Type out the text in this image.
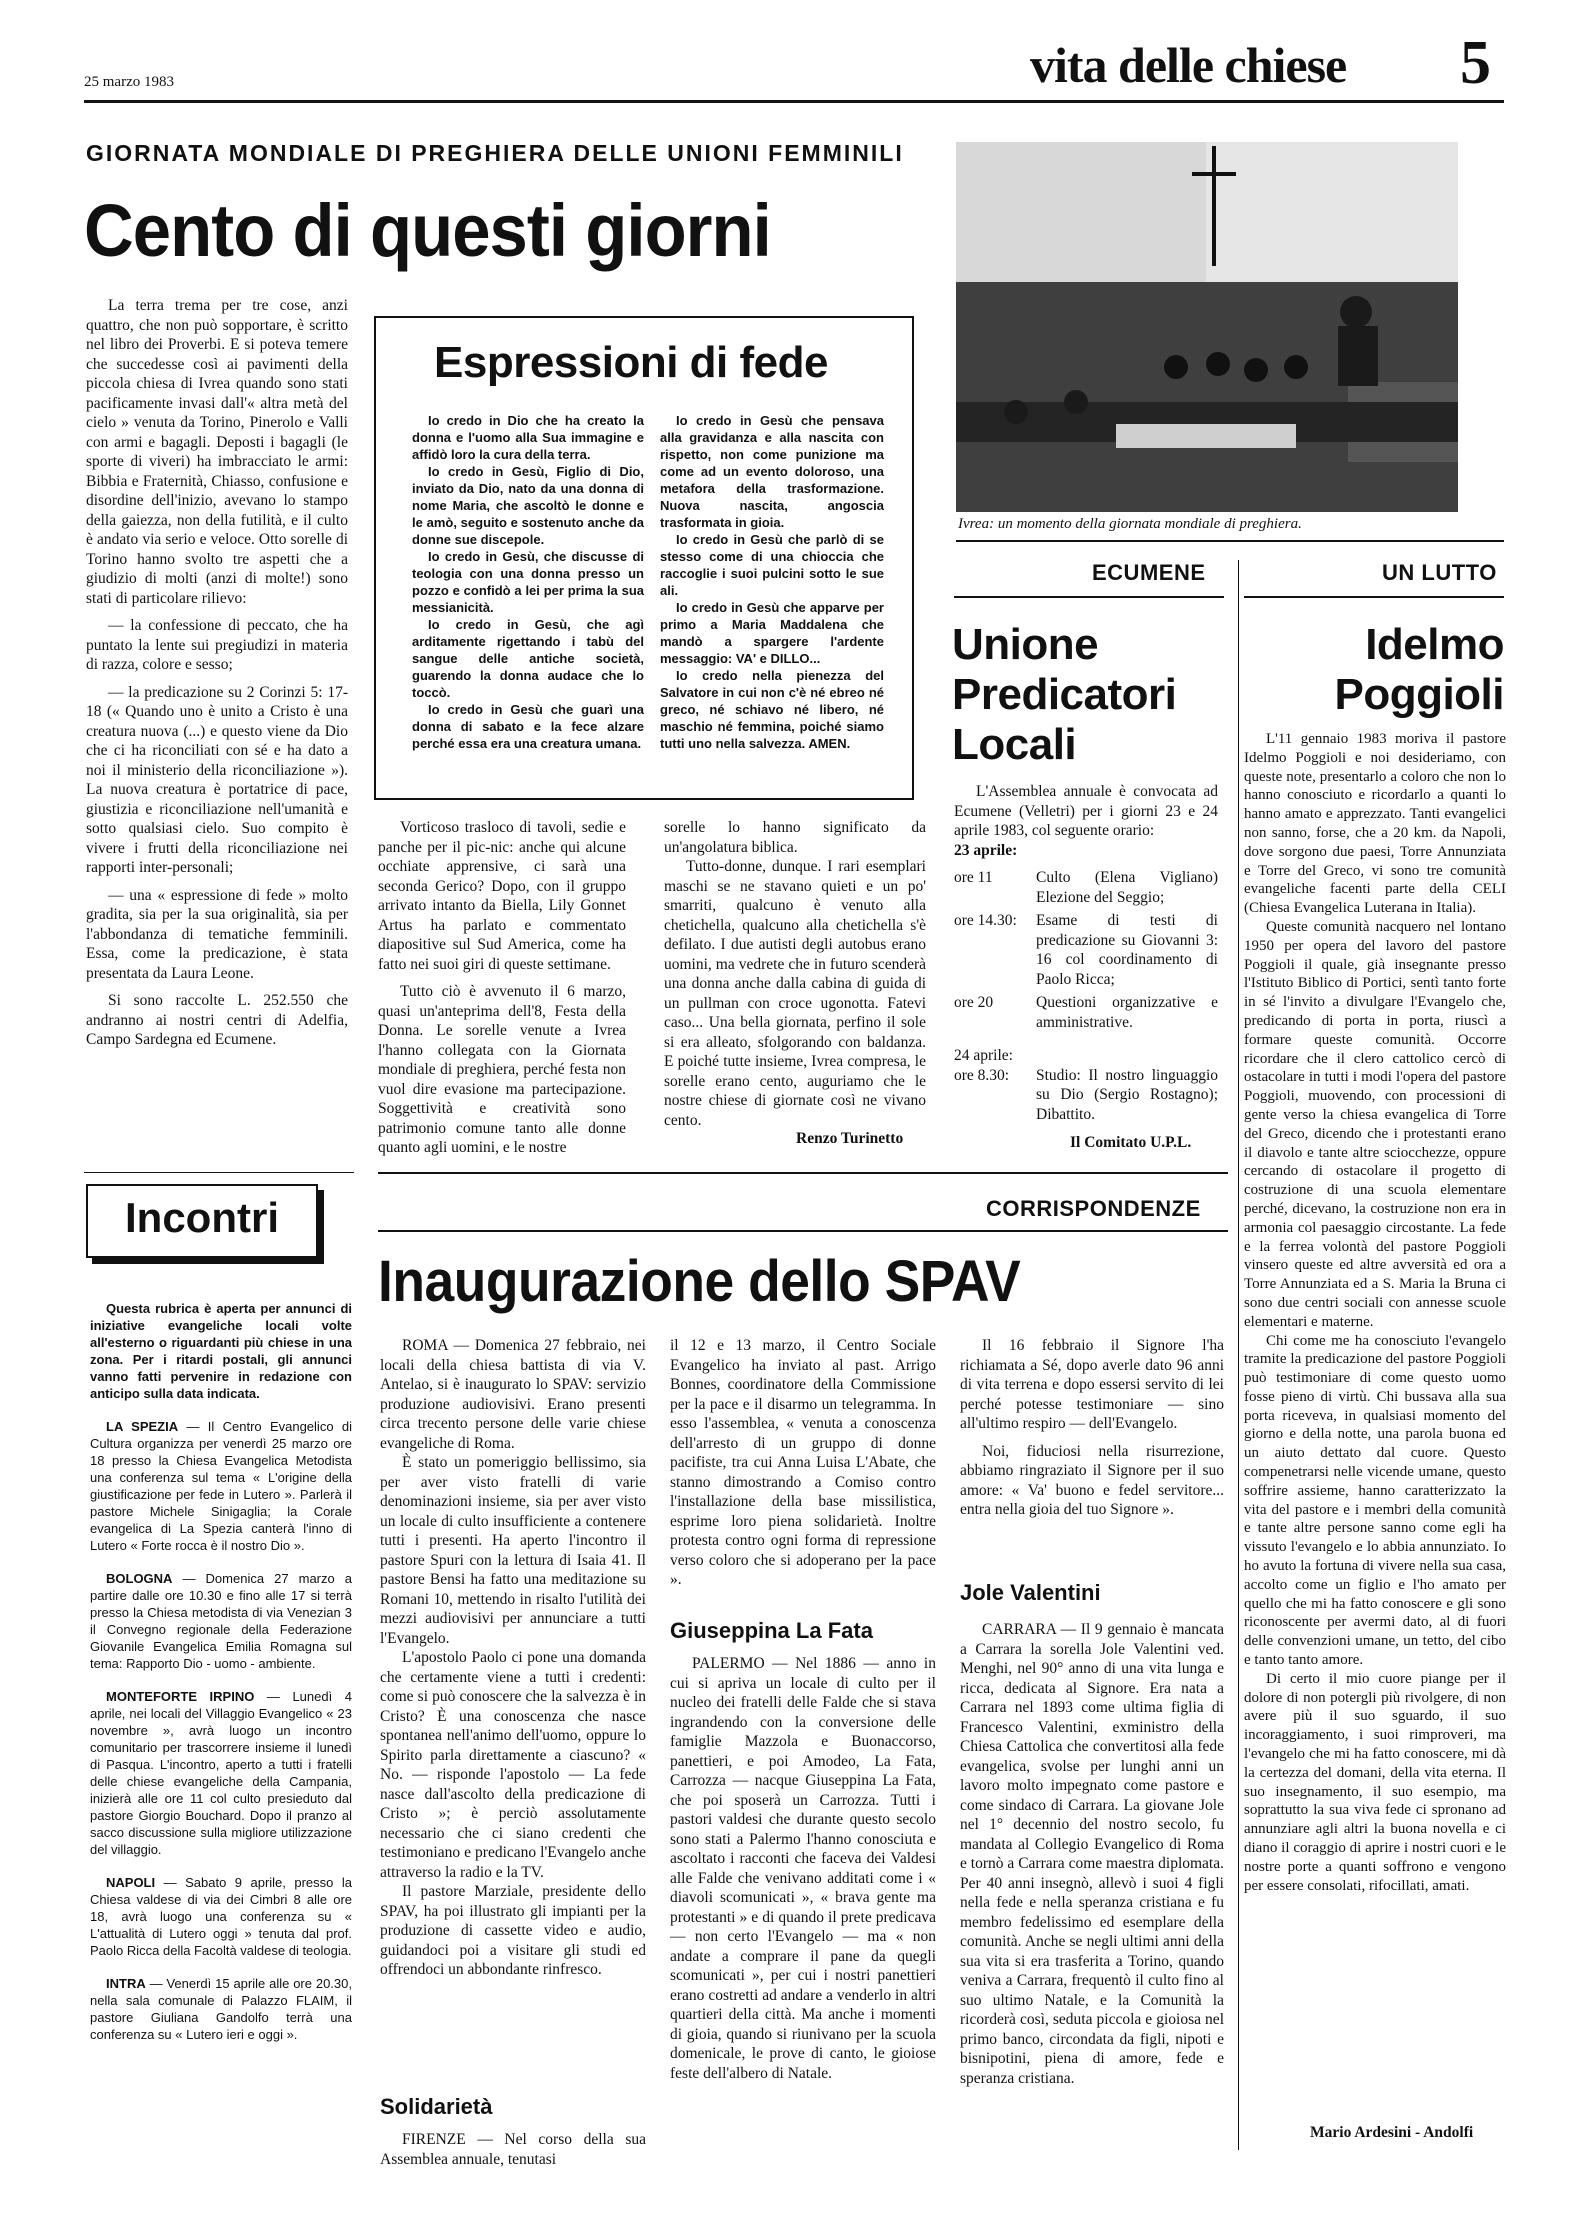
25 marzo 1983	vita delle chiese 5
GIORNATA MONDIALE DI PREGHIERA DELLE UNIONI FEMMINILI
Cento di questi giorni

La terra trema per tre cose, anzi quattro, che non può sopportare, è scritto nel libro dei Proverbi. E si poteva temere che succedesse così ai pavimenti della piccola chiesa di Ivrea quando sono stati pacificamente invasi dall'« altra metà del cielo » venuta da Torino, Pinerolo e Valli con armi e bagagli. Deposti i bagagli (le sporte di viveri) ha imbracciato le armi: Bibbia e Fraternità, Chiasso, confusione e disordine dell'inizio, avevano lo stampo della gaiezza, non della futilità, e il culto è andato via serio e veloce. Otto sorelle di Torino hanno svolto tre aspetti che a giudizio di molti (anzi di molte!) sono stati di particolare rilievo:

— la confessione di peccato, che ha puntato la lente sui pregiudizi in materia di razza, colore e sesso;

— la predicazione su 2 Corinzi 5: 17-18 (« Quando uno è unito a Cristo è una creatura nuova (...) e questo viene da Dio che ci ha riconciliati con sé e ha dato a noi il ministerio della riconciliazione »). La nuova creatura è portatrice di pace, giustizia e riconciliazione nell'umanità e sotto qualsiasi cielo. Suo compito è vivere i frutti della riconciliazione nei rapporti inter-personali;

— una « espressione di fede » molto gradita, sia per la sua originalità, sia per l'abbondanza di tematiche femminili. Essa, come la predicazione, è stata presentata da Laura Leone.

Si sono raccolte L. 252.550 che andranno ai nostri centri di Adelfia, Campo Sardegna ed Ecumene.

Espressioni di fede

Io credo in Dio che ha creato la donna e l'uomo alla Sua immagine e affidò loro la cura della terra.

Io credo in Gesù, Figlio di Dio, inviato da Dio, nato da una donna di nome Maria, che ascoltò le donne e le amò, seguito e sostenuto anche da donne sue discepole.

Io credo in Gesù, che discusse di teologia con una donna presso un pozzo e confidò a lei per prima la sua messianicità.

Io credo in Gesù, che agì arditamente rigettando i tabù del sangue delle antiche società, guarendo la donna audace che lo toccò.

Io credo in Gesù che guarì una donna di sabato e la fece alzare perché essa era una creatura umana.

Io credo in Gesù che pensava alla gravidanza e alla nascita con rispetto, non come punizione ma come ad un evento doloroso, una metafora della trasformazione. Nuova nascita, angoscia trasformata in gioia.

Io credo in Gesù che parlò di se stesso come di una chioccia che raccoglie i suoi pulcini sotto le sue ali.

Io credo in Gesù che apparve per primo a Maria Maddalena che mandò a spargere l'ardente messaggio: VA' e DILLO...

Io credo nella pienezza del Salvatore in cui non c'è né ebreo né greco, né schiavo né libero, né maschio né femmina, poiché siamo tutti uno nella salvezza. AMEN.

Vorticoso trasloco di tavoli, sedie e panche per il pic-nic: anche qui alcune occhiate apprensive, ci sarà una seconda Gerico? Dopo, con il gruppo arrivato intanto da Biella, Lily Gonnet Artus ha parlato e commentato diapositive sul Sud America, come ha fatto nei suoi giri di queste settimane.

Tutto ciò è avvenuto il 6 marzo, quasi un'anteprima dell'8, Festa della Donna. Le sorelle venute a Ivrea l'hanno collegata con la Giornata mondiale di preghiera, perché festa non vuol dire evasione ma partecipazione. Soggettività e creatività sono patrimonio comune tanto alle donne quanto agli uomini, e le nostre

sorelle lo hanno significato da un'angolatura biblica.

Tutto-donne, dunque. I rari esemplari maschi se ne stavano quieti e un po' smarriti, qualcuno è venuto alla chetichella, qualcuno alla chetichella s'è defilato. I due autisti degli autobus erano uomini, ma vedrete che in futuro scenderà una donna anche dalla cabina di guida di un pullman con croce ugonotta. Fatevi caso... Una bella giornata, perfino il sole si era alleato, sfolgorando con baldanza. E poiché tutte insieme, Ivrea compresa, le sorelle erano cento, auguriamo che le nostre chiese di giornate così ne vivano cento.

Renzo Turinetto
Ivrea: un momento della giornata mondiale di preghiera.
ECUMENE
Unione
Predicatori
Locali

L'Assemblea annuale è convocata ad Ecumene (Velletri) per i giorni 23 e 24 aprile 1983, col seguente orario:

23 aprile:
ore 11	Culto (Elena Vigliano) Elezione del Seggio;
ore 14.30:	Esame di testi di predicazione su Giovanni 3: 16 col coordinamento di Paolo Ricca;
ore 20	Questioni organizzative e amministrative.
24 aprile:
ore 8.30:	Studio: Il nostro linguaggio su Dio (Sergio Rostagno); Dibattito.
Il Comitato U.P.L.
UN LUTTO
Idelmo
Poggioli

L'11 gennaio 1983 moriva il pastore Idelmo Poggioli e noi desideriamo, con queste note, presentarlo a coloro che non lo hanno conosciuto e ricordarlo a quanti lo hanno amato e apprezzato. Tanti evangelici non sanno, forse, che a 20 km. da Napoli, dove sorgono due paesi, Torre Annunziata e Torre del Greco, vi sono tre comunità evangeliche facenti parte della CELI (Chiesa Evangelica Luterana in Italia).

Queste comunità nacquero nel lontano 1950 per opera del lavoro del pastore Poggioli il quale, già insegnante presso l'Istituto Biblico di Portici, sentì tanto forte in sé l'invito a divulgare l'Evangelo che, predicando di porta in porta, riuscì a formare queste comunità. Occorre ricordare che il clero cattolico cercò di ostacolare in tutti i modi l'opera del pastore Poggioli, muovendo, con processioni di gente verso la chiesa evangelica di Torre del Greco, dicendo che i protestanti erano il diavolo e tante altre sciocchezze, oppure cercando di ostacolare il progetto di costruzione di una scuola elementare perché, dicevano, la costruzione non era in armonia col paesaggio circostante. La fede e la ferrea volontà del pastore Poggioli vinsero queste ed altre avversità ed ora a Torre Annunziata ed a S. Maria la Bruna ci sono due centri sociali con annesse scuole elementari e materne.

Chi come me ha conosciuto l'evangelo tramite la predicazione del pastore Poggioli può testimoniare di come questo uomo fosse pieno di virtù. Chi bussava alla sua porta riceveva, in qualsiasi momento del giorno e della notte, una parola buona ed un aiuto dettato dal cuore. Questo compenetrarsi nelle vicende umane, questo soffrire assieme, hanno caratterizzato la vita del pastore e i membri della comunità e tante altre persone sanno come egli ha vissuto l'evangelo e lo abbia annunziato. Io ho avuto la fortuna di vivere nella sua casa, accolto come un figlio e l'ho amato per quello che mi ha fatto conoscere e gli sono riconoscente per avermi dato, al di fuori delle convenzioni umane, un tetto, del cibo e tanto tanto amore.

Di certo il mio cuore piange per il dolore di non potergli più rivolgere, di non avere più il suo sguardo, il suo incoraggiamento, i suoi rimproveri, ma l'evangelo che mi ha fatto conoscere, mi dà la certezza del domani, della vita eterna. Il suo insegnamento, il suo esempio, ma soprattutto la sua viva fede ci spronano ad annunziare agli altri la buona novella e ci diano il coraggio di aprire i nostri cuori e le nostre porte a quanti soffrono e vengono per essere consolati, rifocillati, amati.

Mario Ardesini - Andolfi
Incontri

Questa rubrica è aperta per annunci di iniziative evangeliche locali volte all'esterno o riguardanti più chiese in una zona. Per i ritardi postali, gli annunci vanno fatti pervenire in redazione con anticipo sulla data indicata.

LA SPEZIA — Il Centro Evangelico di Cultura organizza per venerdì 25 marzo ore 18 presso la Chiesa Evangelica Metodista una conferenza sul tema « L'origine della giustificazione per fede in Lutero ». Parlerà il pastore Michele Sinigaglia; la Corale evangelica di La Spezia canterà l'inno di Lutero « Forte rocca è il nostro Dio ».

BOLOGNA — Domenica 27 marzo a partire dalle ore 10.30 e fino alle 17 si terrà presso la Chiesa metodista di via Venezian 3 il Convegno regionale della Federazione Giovanile Evangelica Emilia Romagna sul tema: Rapporto Dio - uomo - ambiente.

MONTEFORTE IRPINO — Lunedì 4 aprile, nei locali del Villaggio Evangelico « 23 novembre », avrà luogo un incontro comunitario per trascorrere insieme il lunedì di Pasqua. L'incontro, aperto a tutti i fratelli delle chiese evangeliche della Campania, inizierà alle ore 11 col culto presieduto dal pastore Giorgio Bouchard. Dopo il pranzo al sacco discussione sulla migliore utilizzazione del villaggio.

NAPOLI — Sabato 9 aprile, presso la Chiesa valdese di via dei Cimbri 8 alle ore 18, avrà luogo una conferenza su « L'attualità di Lutero oggi » tenuta dal prof. Paolo Ricca della Facoltà valdese di teologia.

INTRA — Venerdì 15 aprile alle ore 20.30, nella sala comunale di Palazzo FLAIM, il pastore Giuliana Gandolfo terrà una conferenza su « Lutero ieri e oggi ».

CORRISPONDENZE
Inaugurazione dello SPAV

ROMA — Domenica 27 febbraio, nei locali della chiesa battista di via V. Antelao, si è inaugurato lo SPAV: servizio produzione audiovisivi. Erano presenti circa trecento persone delle varie chiese evangeliche di Roma.

È stato un pomeriggio bellissimo, sia per aver visto fratelli di varie denominazioni insieme, sia per aver visto un locale di culto insufficiente a contenere tutti i presenti. Ha aperto l'incontro il pastore Spuri con la lettura di Isaia 41. Il pastore Bensi ha fatto una meditazione su Romani 10, mettendo in risalto l'utilità dei mezzi audiovisivi per annunciare a tutti l'Evangelo.

L'apostolo Paolo ci pone una domanda che certamente viene a tutti i credenti: come si può conoscere che la salvezza è in Cristo? È una conoscenza che nasce spontanea nell'animo dell'uomo, oppure lo Spirito parla direttamente a ciascuno? « No. — risponde l'apostolo — La fede nasce dall'ascolto della predicazione di Cristo »; è perciò assolutamente necessario che ci siano credenti che testimoniano e predicano l'Evangelo anche attraverso la radio e la TV.

Il pastore Marziale, presidente dello SPAV, ha poi illustrato gli impianti per la produzione di cassette video e audio, guidandoci poi a visitare gli studi ed offrendoci un abbondante rinfresco.

Solidarietà

FIRENZE — Nel corso della sua Assemblea annuale, tenutasi

il 12 e 13 marzo, il Centro Sociale Evangelico ha inviato al past. Arrigo Bonnes, coordinatore della Commissione per la pace e il disarmo un telegramma. In esso l'assemblea, « venuta a conoscenza dell'arresto di un gruppo di donne pacifiste, tra cui Anna Luisa L'Abate, che stanno dimostrando a Comiso contro l'installazione della base missilistica, esprime loro piena solidarietà. Inoltre protesta contro ogni forma di repressione verso coloro che si adoperano per la pace ».

Giuseppina La Fata

PALERMO — Nel 1886 — anno in cui si apriva un locale di culto per il nucleo dei fratelli delle Falde che si stava ingrandendo con la conversione delle famiglie Mazzola e Buonaccorso, panettieri, e poi Amodeo, La Fata, Carrozza — nacque Giuseppina La Fata, che poi sposerà un Carrozza. Tutti i pastori valdesi che durante questo secolo sono stati a Palermo l'hanno conosciuta e ascoltato i racconti che faceva dei Valdesi alle Falde che venivano additati come i « diavoli scomunicati », « brava gente ma protestanti » e di quando il prete predicava — non certo l'Evangelo — ma « non andate a comprare il pane da quegli scomunicati », per cui i nostri panettieri erano costretti ad andare a venderlo in altri quartieri della città. Ma anche i momenti di gioia, quando si riunivano per la scuola domenicale, le prove di canto, le gioiose feste dell'albero di Natale.

Il 16 febbraio il Signore l'ha richiamata a Sé, dopo averle dato 96 anni di vita terrena e dopo essersi servito di lei perché potesse testimoniare — sino all'ultimo respiro — dell'Evangelo.

Noi, fiduciosi nella risurrezione, abbiamo ringraziato il Signore per il suo amore: « Va' buono e fedel servitore... entra nella gioia del tuo Signore ».

Jole Valentini

CARRARA — Il 9 gennaio è mancata a Carrara la sorella Jole Valentini ved. Menghi, nel 90° anno di una vita lunga e ricca, dedicata al Signore. Era nata a Carrara nel 1893 come ultima figlia di Francesco Valentini, exministro della Chiesa Cattolica che convertitosi alla fede evangelica, svolse per lunghi anni un lavoro molto impegnato come pastore e come sindaco di Carrara. La giovane Jole nel 1° decennio del nostro secolo, fu mandata al Collegio Evangelico di Roma e tornò a Carrara come maestra diplomata. Per 40 anni insegnò, allevò i suoi 4 figli nella fede e nella speranza cristiana e fu membro fedelissimo ed esemplare della comunità. Anche se negli ultimi anni della sua vita si era trasferita a Torino, quando veniva a Carrara, frequentò il culto fino al suo ultimo Natale, e la Comunità la ricorderà così, seduta piccola e gioiosa nel primo banco, circondata da figli, nipoti e bisnipotini, piena di amore, fede e speranza cristiana.
